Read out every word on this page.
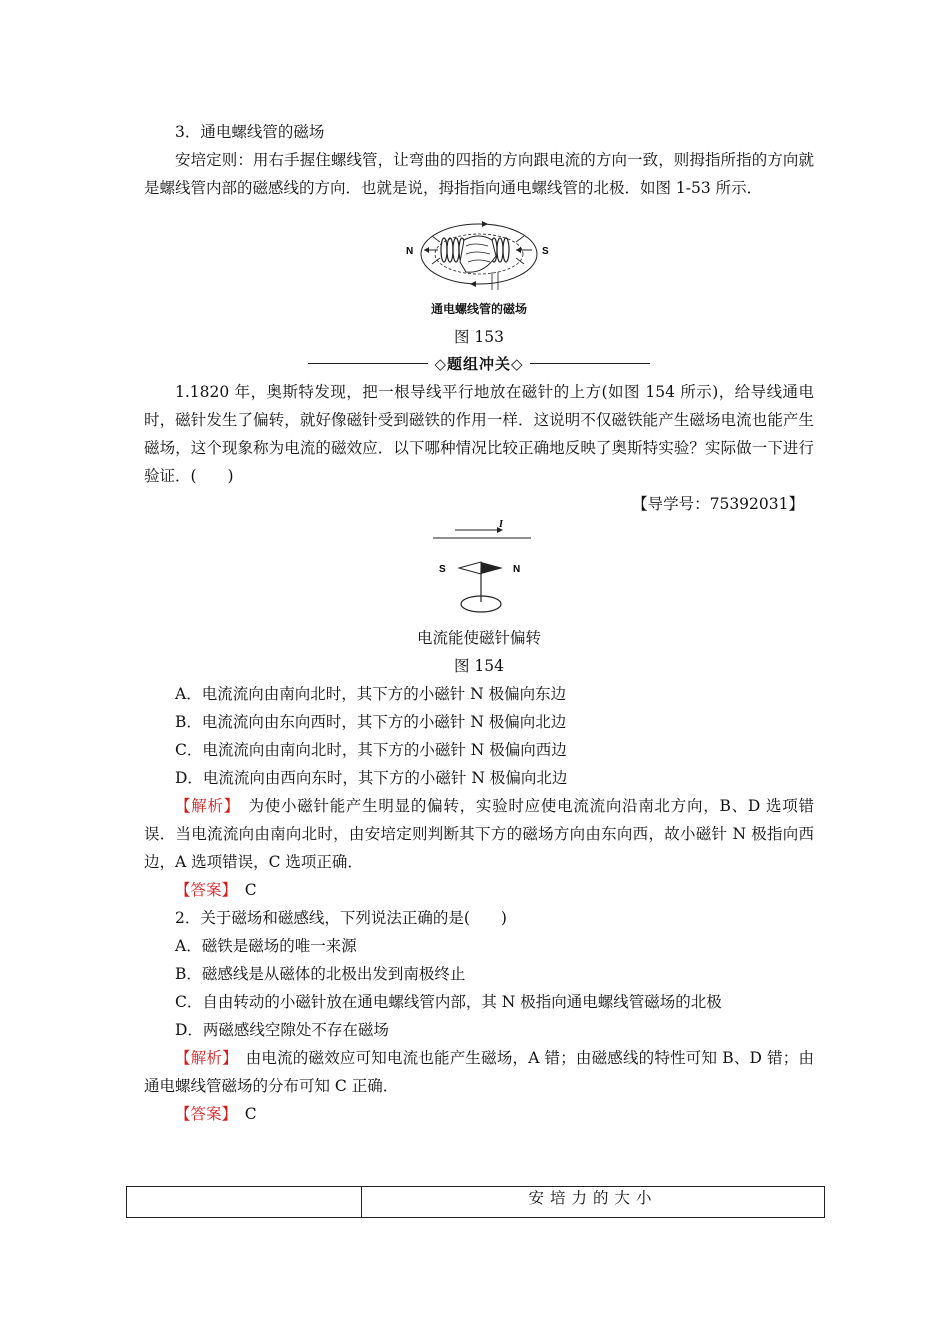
3．通电螺线管的磁场

安培定则：用右手握住螺线管，让弯曲的四指的方向跟电流的方向一致，则拇指所指的方向就是螺线管内部的磁感线的方向．也就是说，拇指指向通电螺线管的北极．如图 1-53 所示．

N	S
通电螺线管的磁场
图 153
◇题组冲关◇

1.1820 年，奥斯特发现，把一根导线平行地放在磁针的上方(如图 154 所示)，给导线通电时，磁针发生了偏转，就好像磁针受到磁铁的作用一样．这说明不仅磁铁能产生磁场电流也能产生磁场，这个现象称为电流的磁效应．以下哪种情况比较正确地反映了奥斯特实验？实际做一下进行验证．(　　)

【导学号：75392031】

I
S	N
电流能使磁针偏转
图 154

A．电流流向由南向北时，其下方的小磁针 N 极偏向东边

B．电流流向由东向西时，其下方的小磁针 N 极偏向北边

C．电流流向由南向北时，其下方的小磁针 N 极偏向西边

D．电流流向由西向东时，其下方的小磁针 N 极偏向北边

【解析】　为使小磁针能产生明显的偏转，实验时应使电流流向沿南北方向，B、D 选项错误．当电流流向由南向北时，由安培定则判断其下方的磁场方向由东向西，故小磁针 N 极指向西边，A 选项错误，C 选项正确．

【答案】　C

2．关于磁场和磁感线，下列说法正确的是(　　)

A．磁铁是磁场的唯一来源

B．磁感线是从磁体的北极出发到南极终止

C．自由转动的小磁针放在通电螺线管内部，其 N 极指向通电螺线管磁场的北极

D．两磁感线空隙处不存在磁场

【解析】　由电流的磁效应可知电流也能产生磁场，A 错；由磁感线的特性可知 B、D 错；由通电螺线管磁场的分布可知 C 正确．

【答案】　C

安培力的大小
